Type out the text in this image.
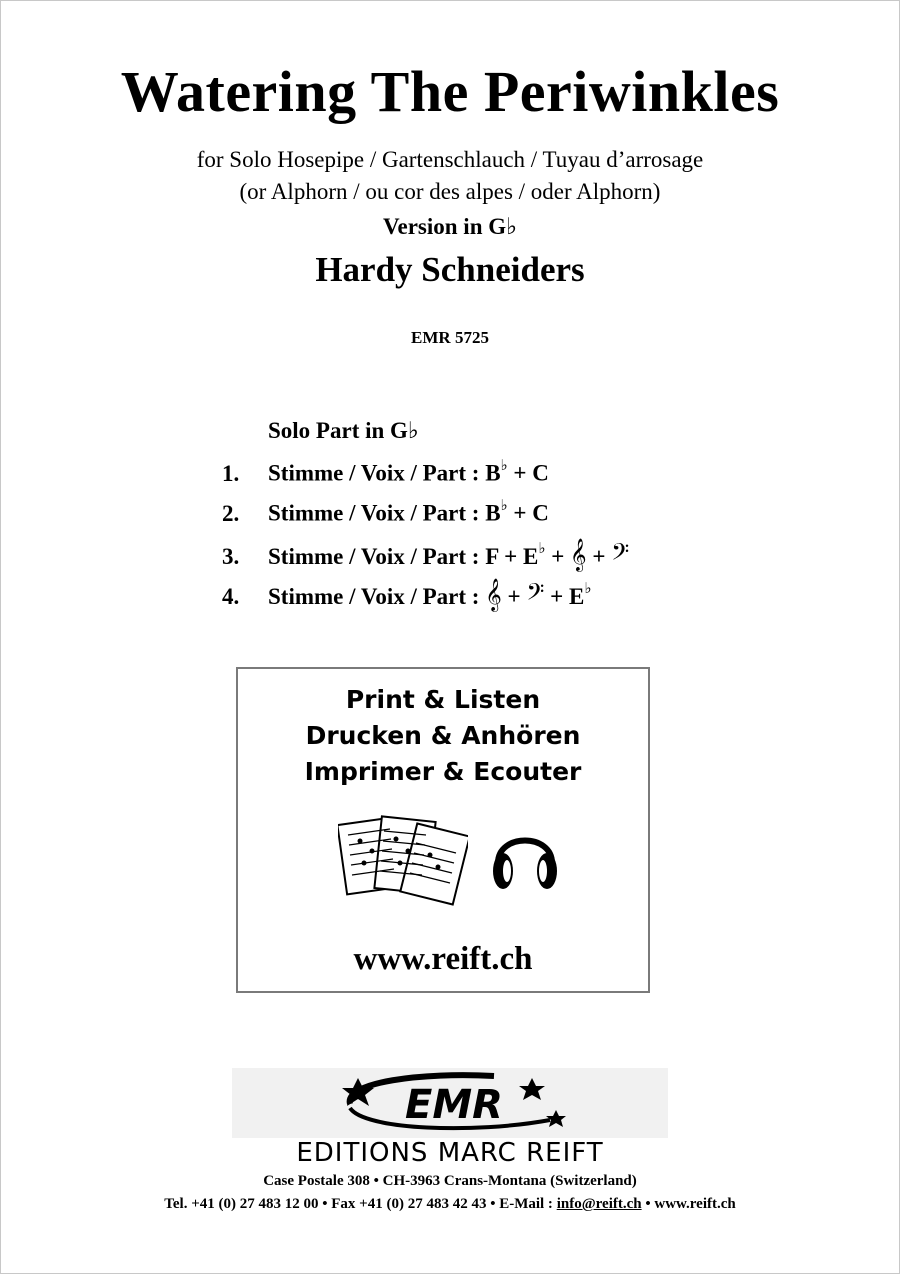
Watering The Periwinkles
for Solo Hosepipe / Gartenschlauch / Tuyau d’arrosage
(or Alphorn / ou cor des alpes / oder Alphorn)
Version in G♭
Hardy Schneiders
EMR 5725
Solo Part in G♭
1. Stimme / Voix / Part : B♭ + C
2. Stimme / Voix / Part : B♭ + C
3. Stimme / Voix / Part : F + E♭ + 𝄞 + 𝄢
4. Stimme / Voix / Part : 𝄞 + 𝄢 + E♭
Print & Listen
Drucken & Anhören
Imprimer & Ecouter
www.reift.ch
EMR
EDITIONS MARC REIFT
Case Postale 308 • CH-3963 Crans-Montana (Switzerland)
Tel. +41 (0) 27 483 12 00 • Fax +41 (0) 27 483 42 43 • E-Mail : info@reift.ch • www.reift.ch
